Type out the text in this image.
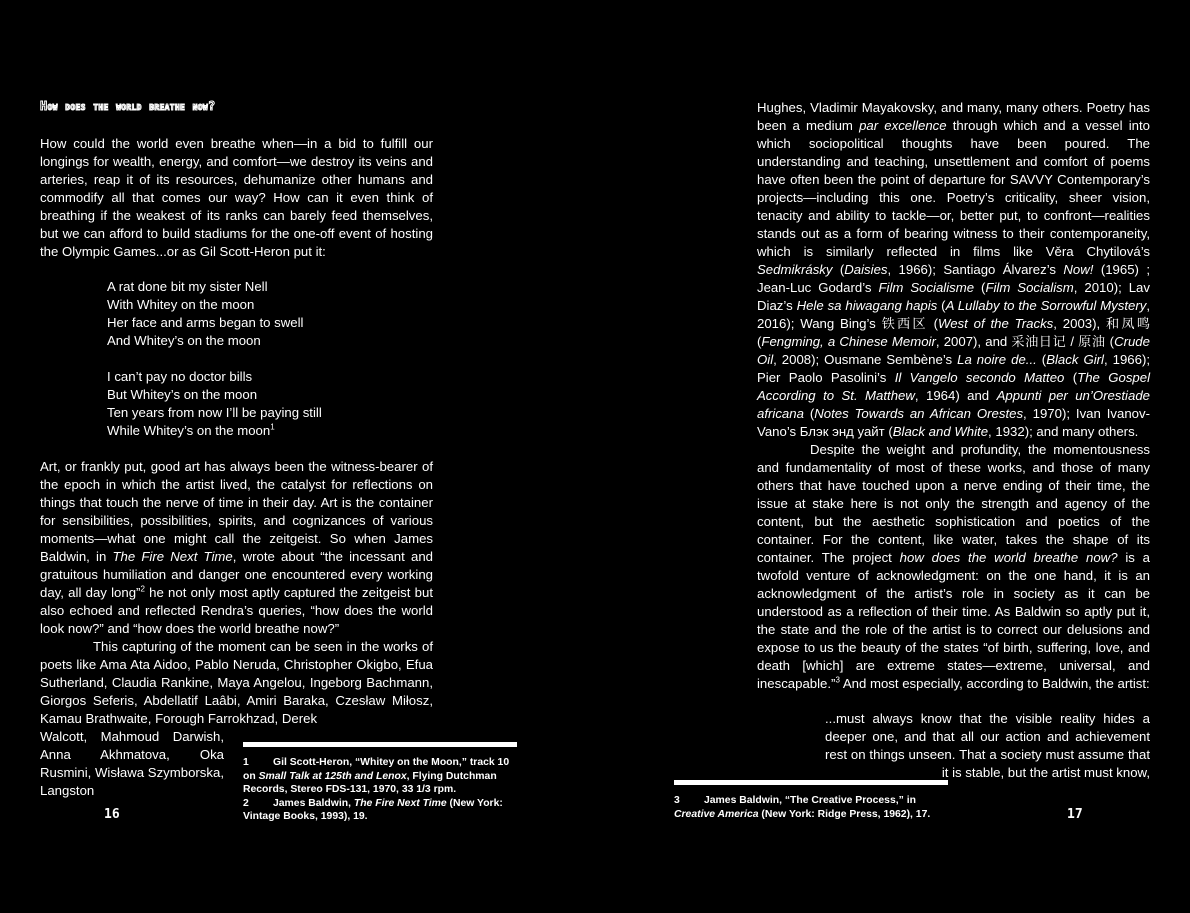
How does the world breathe now?

How could the world even breathe when—in a bid to fulfill our longings for wealth, energy, and comfort—we destroy its veins and arteries, reap it of its resources, dehumanize other humans and commodify all that comes our way? How can it even think of breathing if the weakest of its ranks can barely feed themselves, but we can afford to build stadiums for the one-off event of hosting the Olympic Games...or as Gil Scott-Heron put it:

A rat done bit my sister Nell
With Whitey on the moon
Her face and arms began to swell
And Whitey’s on the moon
I can’t pay no doctor bills
But Whitey’s on the moon
Ten years from now I’ll be paying still
While Whitey’s on the moon$^1$

Art, or frankly put, good art has always been the witness-bearer of the epoch in which the artist lived, the catalyst for reflections on things that touch the nerve of time in their day. Art is the container for sensibilities, possibilities, spirits, and cognizances of various moments—what one might call the zeitgeist. So when James Baldwin, in The Fire Next Time, wrote about “the incessant and gratuitous humiliation and danger one encountered every working day, all day long”$^2$ he not only most aptly captured the zeitgeist but also echoed and reflected Rendra’s queries, “how does the world look now?” and “how does the world breathe now?”

This capturing of the moment can be seen in the works of poets like Ama Ata Aidoo, Pablo Neruda, Christopher Okigbo, Efua Sutherland, Claudia Rankine, Maya Angelou, Ingeborg Bachmann, Giorgos Seferis, Abdellatif Laâbi, Amiri Baraka, Czesław Miłosz, Kamau Brathwaite, Forough Farrokhzad, Derek

Walcott, Mahmoud Darwish, Anna Akhmatova, Oka Rusmini, Wisława Szymborska, Langston

1 Gil Scott-Heron, “Whitey on the Moon,” track 10 on Small Talk at 125th and Lenox, Flying Dutchman Records, Stereo FDS-131, 1970, 33 1/3 rpm.

2 James Baldwin, The Fire Next Time (New York: Vintage Books, 1993), 19.

16

Hughes, Vladimir Mayakovsky, and many, many others. Poetry has been a medium par excellence through which and a vessel into which sociopolitical thoughts have been poured. The understanding and teaching, unsettlement and comfort of poems have often been the point of departure for SAVVY Contemporary’s projects—including this one. Poetry’s criticality, sheer vision, tenacity and ability to tackle—or, better put, to confront—realities stands out as a form of bearing witness to their contemporaneity, which is similarly reflected in films like Věra Chytilová’s Sedmikrásky (Daisies, 1966); Santiago Álvarez’s Now! (1965) ; Jean-Luc Godard’s Film Socialisme (Film Socialism, 2010); Lav Diaz’s Hele sa hiwagang hapis (A Lullaby to the Sorrowful Mystery, 2016); Wang Bing’s 铁西区 (West of the Tracks, 2003), 和凤鸣 (Fengming, a Chinese Memoir, 2007), and 采油日记 / 原油 (Crude Oil, 2008); Ousmane Sembène’s La noire de... (Black Girl, 1966); Pier Paolo Pasolini’s Il Vangelo secondo Matteo (The Gospel According to St. Matthew, 1964) and Appunti per un’Orestiade africana (Notes Towards an African Orestes, 1970); Ivan Ivanov-Vano’s Блэк энд уайт (Black and White, 1932); and many others.

Despite the weight and profundity, the momentousness and fundamentality of most of these works, and those of many others that have touched upon a nerve ending of their time, the issue at stake here is not only the strength and agency of the content, but the aesthetic sophistication and poetics of the container. For the content, like water, takes the shape of its container. The project how does the world breathe now? is a twofold venture of acknowledgment: on the one hand, it is an acknowledgment of the artist’s role in society as it can be understood as a reflection of their time. As Baldwin so aptly put it, the state and the role of the artist is to correct our delusions and expose to us the beauty of the states “of birth, suffering, love, and death [which] are extreme states—extreme, universal, and inescapable.”$^3$ And most especially, according to Baldwin, the artist:

...must always know that the visible reality hides a deeper one, and that all our action and achievement rest on things unseen. That a society must assume that it is stable, but the artist must know,

3 James Baldwin, “The Creative Process,” in Creative America (New York: Ridge Press, 1962), 17.	17
